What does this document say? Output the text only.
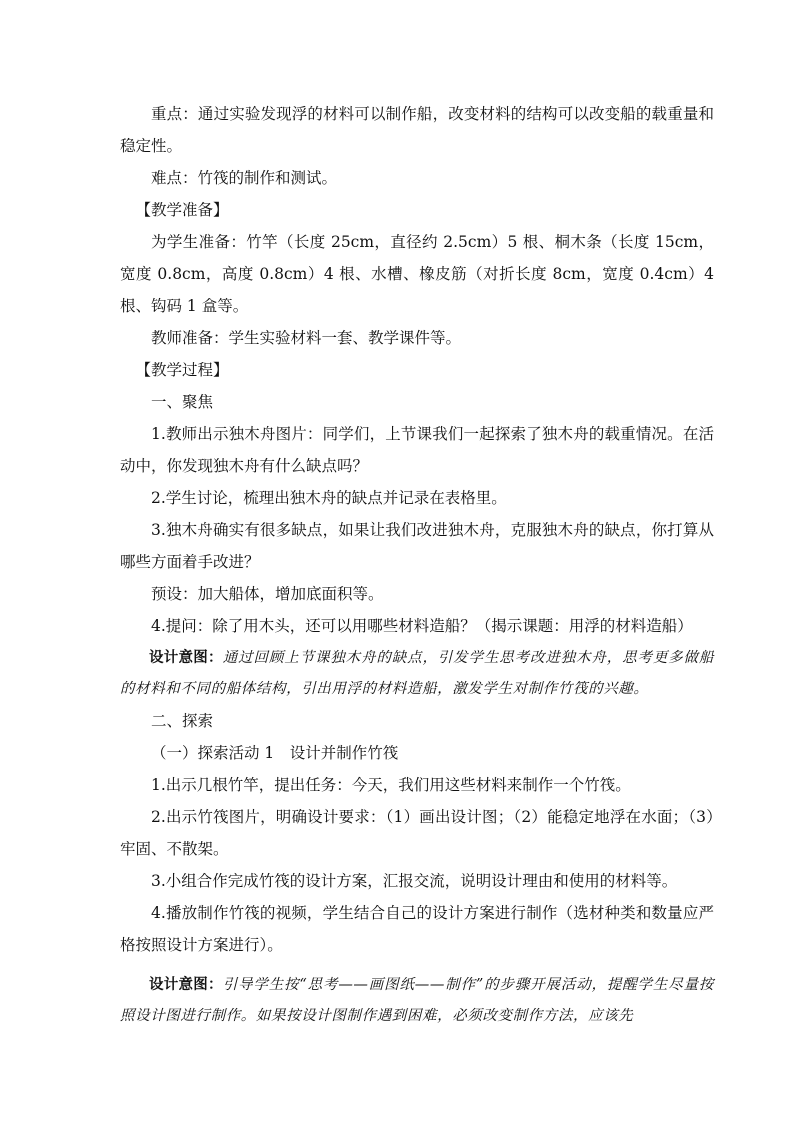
重点：通过实验发现浮的材料可以制作船，改变材料的结构可以改变船的载重量和稳定性。

难点：竹筏的制作和测试。

【教学准备】

为学生准备：竹竿（长度 25cm，直径约 2.5cm）5 根、桐木条（长度 15cm，宽度 0.8cm，高度 0.8cm）4 根、水槽、橡皮筋（对折长度 8cm，宽度 0.4cm）4 根、钩码 1 盒等。

教师准备：学生实验材料一套、教学课件等。

【教学过程】

一、聚焦

1.教师出示独木舟图片：同学们，上节课我们一起探索了独木舟的载重情况。在活动中，你发现独木舟有什么缺点吗？

2.学生讨论，梳理出独木舟的缺点并记录在表格里。

3.独木舟确实有很多缺点，如果让我们改进独木舟，克服独木舟的缺点，你打算从哪些方面着手改进？

预设：加大船体，增加底面积等。

4.提问：除了用木头，还可以用哪些材料造船？（揭示课题：用浮的材料造船）

设计意图：通过回顾上节课独木舟的缺点，引发学生思考改进独木舟，思考更多做船的材料和不同的船体结构，引出用浮的材料造船，激发学生对制作竹筏的兴趣。

二、探索

（一）探索活动 1　设计并制作竹筏

1.出示几根竹竿，提出任务：今天，我们用这些材料来制作一个竹筏。

2.出示竹筏图片，明确设计要求：（1）画出设计图；（2）能稳定地浮在水面；（3）牢固、不散架。

3.小组合作完成竹筏的设计方案，汇报交流，说明设计理由和使用的材料等。

4.播放制作竹筏的视频，学生结合自己的设计方案进行制作（选材种类和数量应严格按照设计方案进行）。

设计意图：引导学生按“思考——画图纸——制作”的步骤开展活动，提醒学生尽量按照设计图进行制作。如果按设计图制作遇到困难，必须改变制作方法，应该先
